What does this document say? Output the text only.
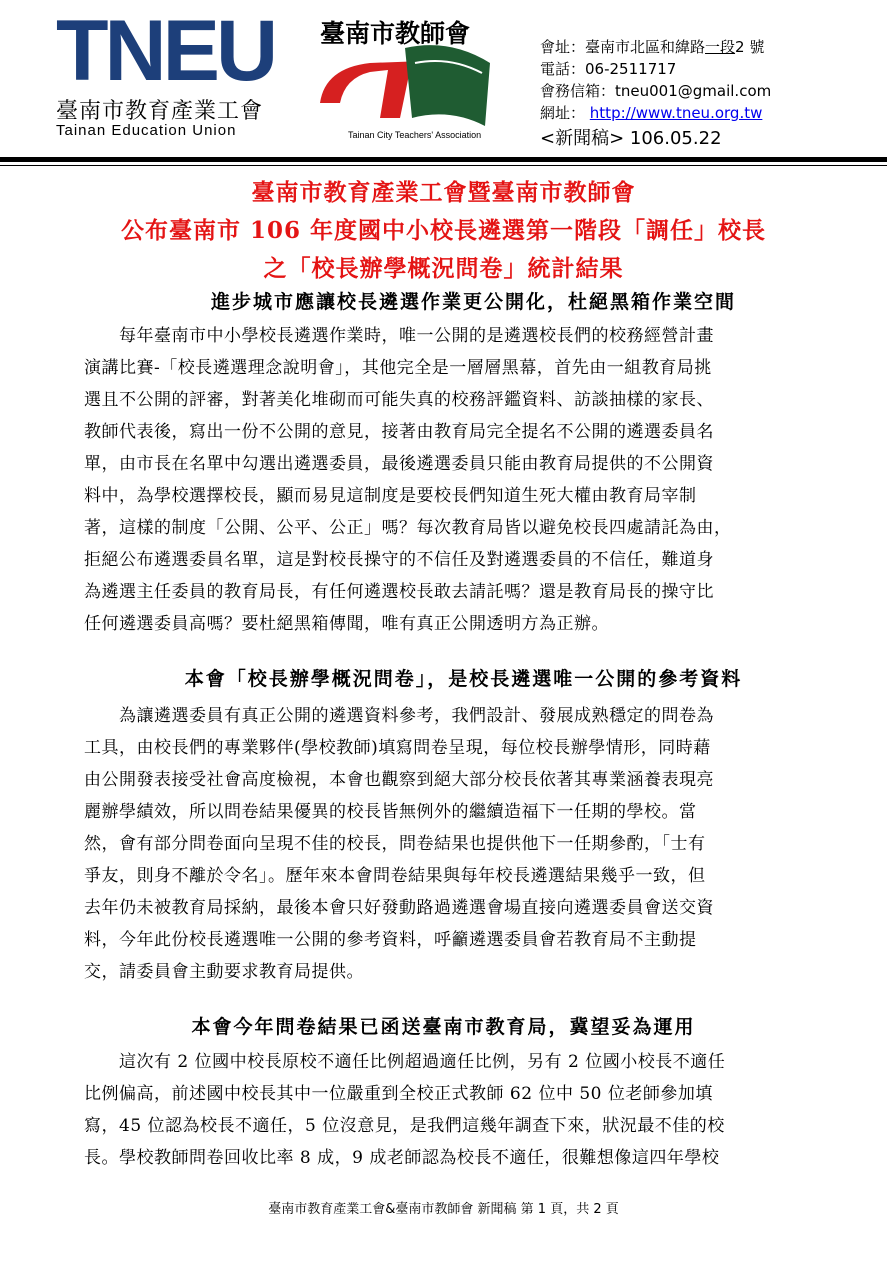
TNEU
臺南市教育產業工會
Tainan Education Union
臺南市教師會
Tainan City Teachers' Association
會址：臺南市北區和緯路一段2 號
電話：06-2511717
會務信箱：tneu001@gmail.com
網址： http://www.tneu.org.tw
<新聞稿> 106.05.22
臺南市教育產業工會暨臺南市教師會
公布臺南市 106 年度國中小校長遴選第一階段「調任」校長
之「校長辦學概況問卷」統計結果
進步城市應讓校長遴選作業更公開化，杜絕黑箱作業空間
　　每年臺南市中小學校長遴選作業時，唯一公開的是遴選校長們的校務經營計畫
演講比賽-「校長遴選理念說明會」，其他完全是一層層黑幕，首先由一組教育局挑
選且不公開的評審，對著美化堆砌而可能失真的校務評鑑資料、訪談抽樣的家長、
教師代表後，寫出一份不公開的意見，接著由教育局完全提名不公開的遴選委員名
單，由市長在名單中勾選出遴選委員，最後遴選委員只能由教育局提供的不公開資
料中，為學校選擇校長，顯而易見這制度是要校長們知道生死大權由教育局宰制
著，這樣的制度「公開、公平、公正」嗎？每次教育局皆以避免校長四處請託為由，
拒絕公布遴選委員名單，這是對校長操守的不信任及對遴選委員的不信任，難道身
為遴選主任委員的教育局長，有任何遴選校長敢去請託嗎？還是教育局長的操守比
任何遴選委員高嗎？要杜絕黑箱傳聞，唯有真正公開透明方為正辦。
本會「校長辦學概況問卷」，是校長遴選唯一公開的參考資料
　　為讓遴選委員有真正公開的遴選資料參考，我們設計、發展成熟穩定的問卷為
工具，由校長們的專業夥伴(學校教師)填寫問卷呈現，每位校長辦學情形，同時藉
由公開發表接受社會高度檢視，本會也觀察到絕大部分校長依著其專業涵養表現亮
麗辦學績效，所以問卷結果優異的校長皆無例外的繼續造福下一任期的學校。當
然，會有部分問卷面向呈現不佳的校長，問卷結果也提供他下一任期參酌，「士有
爭友，則身不離於令名」。歷年來本會問卷結果與每年校長遴選結果幾乎一致，但
去年仍未被教育局採納，最後本會只好發動路過遴選會場直接向遴選委員會送交資
料，今年此份校長遴選唯一公開的參考資料，呼籲遴選委員會若教育局不主動提
交，請委員會主動要求教育局提供。
本會今年問卷結果已函送臺南市教育局，冀望妥為運用
　　這次有 2 位國中校長原校不適任比例超過適任比例，另有 2 位國小校長不適任
比例偏高，前述國中校長其中一位嚴重到全校正式教師 62 位中 50 位老師參加填
寫，45 位認為校長不適任，5 位沒意見，是我們這幾年調查下來，狀況最不佳的校
長。學校教師問卷回收比率 8 成，9 成老師認為校長不適任，很難想像這四年學校
臺南市教育產業工會&臺南市教師會 新聞稿 第 1 頁，共 2 頁
